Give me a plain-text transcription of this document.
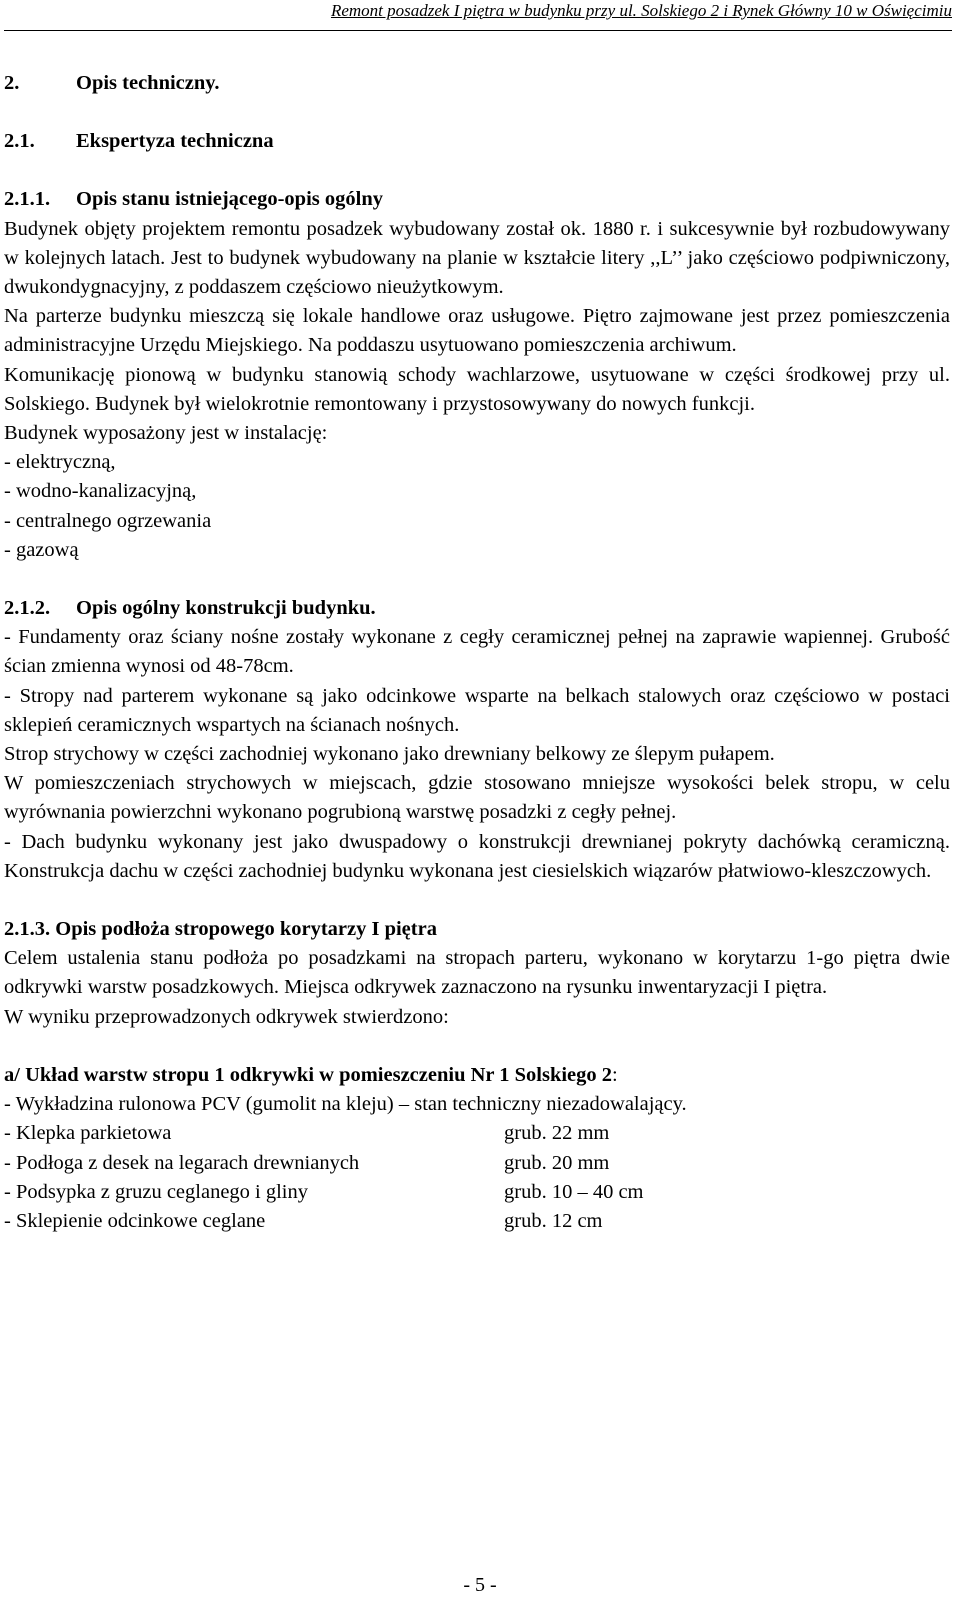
Remont posadzek I piętra w budynku przy ul. Solskiego 2 i Rynek Główny 10 w Oświęcimiu
2.	Opis techniczny.
2.1. Ekspertyza techniczna
2.1.1. Opis stanu istniejącego-opis ogólny

Budynek objęty projektem remontu posadzek wybudowany został ok. 1880 r. i sukcesywnie był rozbudowywany w kolejnych latach. Jest to budynek wybudowany na planie w kształcie litery ,,L’’ jako częściowo podpiwniczony, dwukondygnacyjny, z poddaszem częściowo nieużytkowym.

Na parterze budynku mieszczą się lokale handlowe oraz usługowe. Piętro zajmowane jest przez pomieszczenia administracyjne Urzędu Miejskiego. Na poddaszu usytuowano pomieszczenia archiwum.

Komunikację pionową w budynku stanowią schody wachlarzowe, usytuowane w części środkowej przy ul. Solskiego. Budynek był wielokrotnie remontowany i przystosowywany do nowych funkcji.

Budynek wyposażony jest w instalację:

- elektryczną,
- wodno-kanalizacyjną,
- centralnego ogrzewania
- gazową
2.1.2. Opis ogólny konstrukcji budynku.

- Fundamenty oraz ściany nośne zostały wykonane z cegły ceramicznej pełnej na zaprawie wapiennej. Grubość ścian zmienna wynosi od 48-78cm.

- Stropy nad parterem wykonane są jako odcinkowe wsparte na belkach stalowych oraz częściowo w postaci sklepień ceramicznych wspartych na ścianach nośnych.

Strop strychowy w części zachodniej wykonano jako drewniany belkowy ze ślepym pułapem.

W pomieszczeniach strychowych w miejscach, gdzie stosowano mniejsze wysokości belek stropu, w celu wyrównania powierzchni wykonano pogrubioną warstwę posadzki z cegły pełnej.

- Dach budynku wykonany jest jako dwuspadowy o konstrukcji drewnianej pokryty dachówką ceramiczną. Konstrukcja dachu w części zachodniej budynku wykonana jest ciesielskich wiązarów płatwiowo-kleszczowych.

2.1.3. Opis podłoża stropowego korytarzy I piętra

Celem ustalenia stanu podłoża po posadzkami na stropach parteru, wykonano w korytarzu 1-go piętra dwie odkrywki warstw posadzkowych. Miejsca odkrywek zaznaczono na rysunku inwentaryzacji I piętra.

W wyniku przeprowadzonych odkrywek stwierdzono:

a/ Układ warstw stropu 1 odkrywki w pomieszczeniu Nr 1 Solskiego 2:
- Wykładzina rulonowa PCV (gumolit na kleju) – stan techniczny niezadowalający.
- Klepka parkietowa	grub. 22 mm
- Podłoga z desek na legarach drewnianych	grub. 20 mm
- Podsypka z gruzu ceglanego i gliny	grub. 10 – 40 cm
- Sklepienie odcinkowe ceglane	grub. 12 cm
- 5 -
